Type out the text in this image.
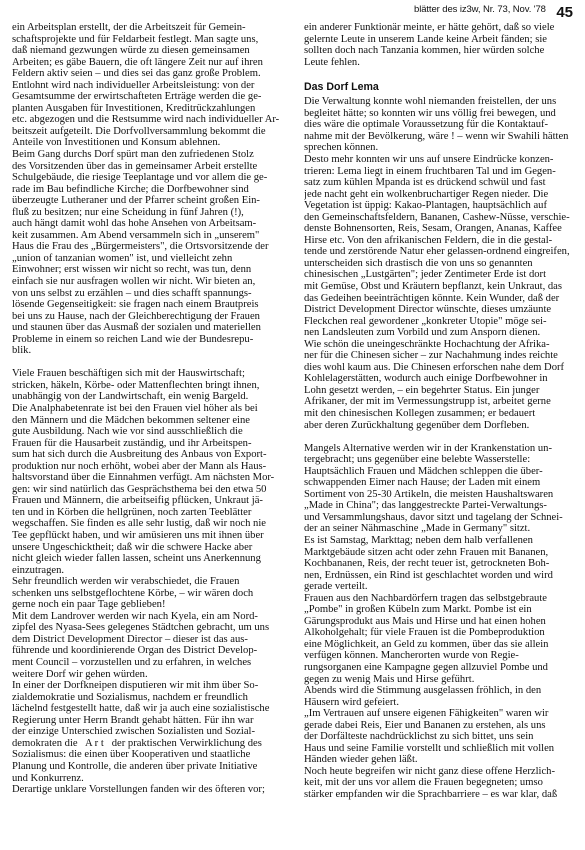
$^{blätter des iz3w, Nr. 73, Nov. '78}$ 45

ein Arbeitsplan erstellt, der die Arbeitszeit für Gemein-
schaftsprojekte und für Feldarbeit festlegt. Man sagte uns,
daß niemand gezwungen würde zu diesen gemeinsamen
Arbeiten; es gäbe Bauern, die oft längere Zeit nur auf ihren
Feldern aktiv seien – und dies sei das ganz große Problem.

Entlohnt wird nach individueller Arbeitsleistung: von der
Gesamtsumme der erwirtschafteten Erträge werden die ge-
planten Ausgaben für Investitionen, Kreditrückzahlungen
etc. abgezogen und die Restsumme wird nach individueller Ar-
beitszeit aufgeteilt. Die Dorfvollversammlung bekommt die
Anteile von Investitionen und Konsum ablehnen.
Beim Gang durchs Dorf spürt man den zufriedenen Stolz
des Vorsitzenden über das in gemeinsamer Arbeit erstellte
Schulgebäude, die riesige Teeplantage und vor allem die ge-
rade im Bau befindliche Kirche; die Dorfbewohner sind
überzeugte Lutheraner und der Pfarrer scheint großen Ein-
fluß zu besitzen; nur eine Scheidung in fünf Jahren (!),
auch hängt damit wohl das hohe Ansehen von Arbeitsam-
keit zusammen. Am Abend versammeln sich in „unserem"
Haus die Frau des „Bürgermeisters", die Ortsvorsitzende der
„union of tanzanian women" ist, und vielleicht zehn
Einwohner; erst wissen wir nicht so recht, was tun, denn
einfach sie nur ausfragen wollen wir nicht. Wir bieten an,
von uns selbst zu erzählen – und dies schafft spannungs-
lösende Gegenseitigkeit: sie fragen nach einem Brautpreis
bei uns zu Hause, nach der Gleichberechtigung der Frauen
und staunen über das Ausmaß der sozialen und materiellen
Probleme in einem so reichen Land wie der Bundesrepu-
blik.

Viele Frauen beschäftigen sich mit der Hauswirtschaft;
stricken, häkeln, Körbe- oder Mattenflechten bringt ihnen,
unabhängig von der Landwirtschaft, ein wenig Bargeld.
Die Analphabetenrate ist bei den Frauen viel höher als bei
den Männern und die Mädchen bekommen seltener eine
gute Ausbildung. Nach wie vor sind ausschließlich die
Frauen für die Hausarbeit zuständig, und ihr Arbeitspen-
sum hat sich durch die Ausbreitung des Anbaus von Export-
produktion nur noch erhöht, wobei aber der Mann als Haus-
haltsvorstand über die Einnahmen verfügt. Am nächsten Mor-
gen: wir sind natürlich das Gesprächsthema bei den etwa 50
Frauen und Männern, die arbeitseifig pflücken, Unkraut jä-
ten und in Körben die hellgrünen, noch zarten Teeblätter
wegschaffen. Sie finden es alle sehr lustig, daß wir noch nie
Tee gepflückt haben, und wir amüsieren uns mit ihnen über
unsere Ungeschicktheit; daß wir die schwere Hacke aber
nicht gleich wieder fallen lassen, scheint uns Anerkennung
einzutragen.
Sehr freundlich werden wir verabschiedet, die Frauen
schenken uns selbstgeflochtene Körbe, – wir wären doch
gerne noch ein paar Tage geblieben!
Mit dem Landrover werden wir nach Kyela, ein am Nord-
zipfel des Nyasa-Sees gelegenes Städtchen gebracht, um uns
dem District Development Director – dieser ist das aus-
führende und koordinierende Organ des District Develop-
ment Council – vorzustellen und zu erfahren, in welches
weitere Dorf wir gehen würden.
In einer der Dorfkneipen disputieren wir mit ihm über So-
zialdemokratie und Sozialismus, nachdem er freundlich
lächelnd festgestellt hatte, daß wir ja auch eine sozialistische
Regierung unter Herrn Brandt gehabt hätten. Für ihn war
der einzige Unterschied zwischen Sozialisten und Sozial-
demokraten die   A r t   der praktischen Verwirklichung des
Sozialismus: die einen über Kooperativen und staatliche
Planung und Kontrolle, die anderen über private Initiative
und Konkurrenz.
Derartige unklare Vorstellungen fanden wir des öfteren vor;

ein anderer Funktionär meinte, er hätte gehört, daß so viele
gelernte Leute in unserem Lande keine Arbeit fänden; sie
sollten doch nach Tanzania kommen, hier würden solche
Leute fehlen.

Das Dorf Lema

Die Verwaltung konnte wohl niemanden freistellen, der uns
begleitet hätte; so konnten wir uns völlig frei bewegen, und
dies wäre die optimale Voraussetzung für die Kontaktauf-
nahme mit der Bevölkerung, wäre ! – wenn wir Swahili hätten
sprechen können.
Desto mehr konnten wir uns auf unsere Eindrücke konzen-
trieren: Lema liegt in einem fruchtbaren Tal und im Gegen-
satz zum kühlen Mpanda ist es drückend schwül und fast
jede nacht geht ein wolkenbruchartiger Regen nieder. Die
Vegetation ist üppig: Kakao-Plantagen, hauptsächlich auf
den Gemeinschaftsfeldern, Bananen, Cashew-Nüsse, verschie-
denste Bohnensorten, Reis, Sesam, Orangen, Ananas, Kaffee
Hirse etc. Von den afrikanischen Feldern, die in die gestal-
tende und zerstörende Natur eher gelassen-ordnend eingreifen,
unterscheiden sich drastisch die von uns so genannten
chinesischen „Lustgärten"; jeder Zentimeter Erde ist dort
mit Gemüse, Obst und Kräutern bepflanzt, kein Unkraut, das
das Gedeihen beeinträchtigen könnte. Kein Wunder, daß der
District Development Director wünschte, dieses umzäunte
Fleckchen real gewordener „konkreter Utopie" möge sei-
nen Landsleuten zum Vorbild und zum Ansporn dienen.
Wie schön die uneingeschränkte Hochachtung der Afrika-
ner für die Chinesen sicher – zur Nachahmung indes reichte
dies wohl kaum aus. Die Chinesen erforschen nahe dem Dorf
Kohlelagerstätten, wodurch auch einige Dorfbewohner in
Lohn gesetzt werden, – ein begehrter Status. Ein junger
Afrikaner, der mit im Vermessungstrupp ist, arbeitet gerne
mit den chinesischen Kollegen zusammen; er bedauert
aber deren Zurückhaltung gegenüber dem Dorfleben.

Mangels Alternative werden wir in der Krankenstation un-
tergebracht; uns gegenüber eine belebte Wasserstelle:
Hauptsächlich Frauen und Mädchen schleppen die über-
schwappenden Eimer nach Hause; der Laden mit einem
Sortiment von 25-30 Artikeln, die meisten Haushaltswaren
„Made in China"; das langgestreckte Partei-Verwaltungs-
und Versammlungshaus, davor sitzt und tagelang der Schnei-
der an seiner Nähmaschine „Made in Germany" sitzt.
Es ist Samstag, Markttag; neben dem halb verfallenen
Marktgebäude sitzen acht oder zehn Frauen mit Bananen,
Kochbananen, Reis, der recht teuer ist, getrockneten Boh-
nen, Erdnüssen, ein Rind ist geschlachtet worden und wird
gerade verteilt.
Frauen aus den Nachbardörfern tragen das selbstgebraute
„Pombe" in großen Kübeln zum Markt. Pombe ist ein
Gärungsprodukt aus Mais und Hirse und hat einen hohen
Alkoholgehalt; für viele Frauen ist die Pombeproduktion
eine Möglichkeit, an Geld zu kommen, über das sie allein
verfügen können. Mancherorten wurde von Regie-
rungsorganen eine Kampagne gegen allzuviel Pombe und
gegen zu wenig Mais und Hirse geführt.
Abends wird die Stimmung ausgelassen fröhlich, in den
Häusern wird gefeiert.
„Im Vertrauen auf unsere eigenen Fähigkeiten" waren wir
gerade dabei Reis, Eier und Bananen zu erstehen, als uns
der Dorfälteste nachdrücklichst zu sich bittet, uns sein
Haus und seine Familie vorstellt und schließlich mit vollen
Händen wieder gehen läßt.
Noch heute begreifen wir nicht ganz diese offene Herzlich-
keit, mit der uns vor allem die Frauen begegneten; umso
stärker empfanden wir die Sprachbarriere – es war klar, daß
